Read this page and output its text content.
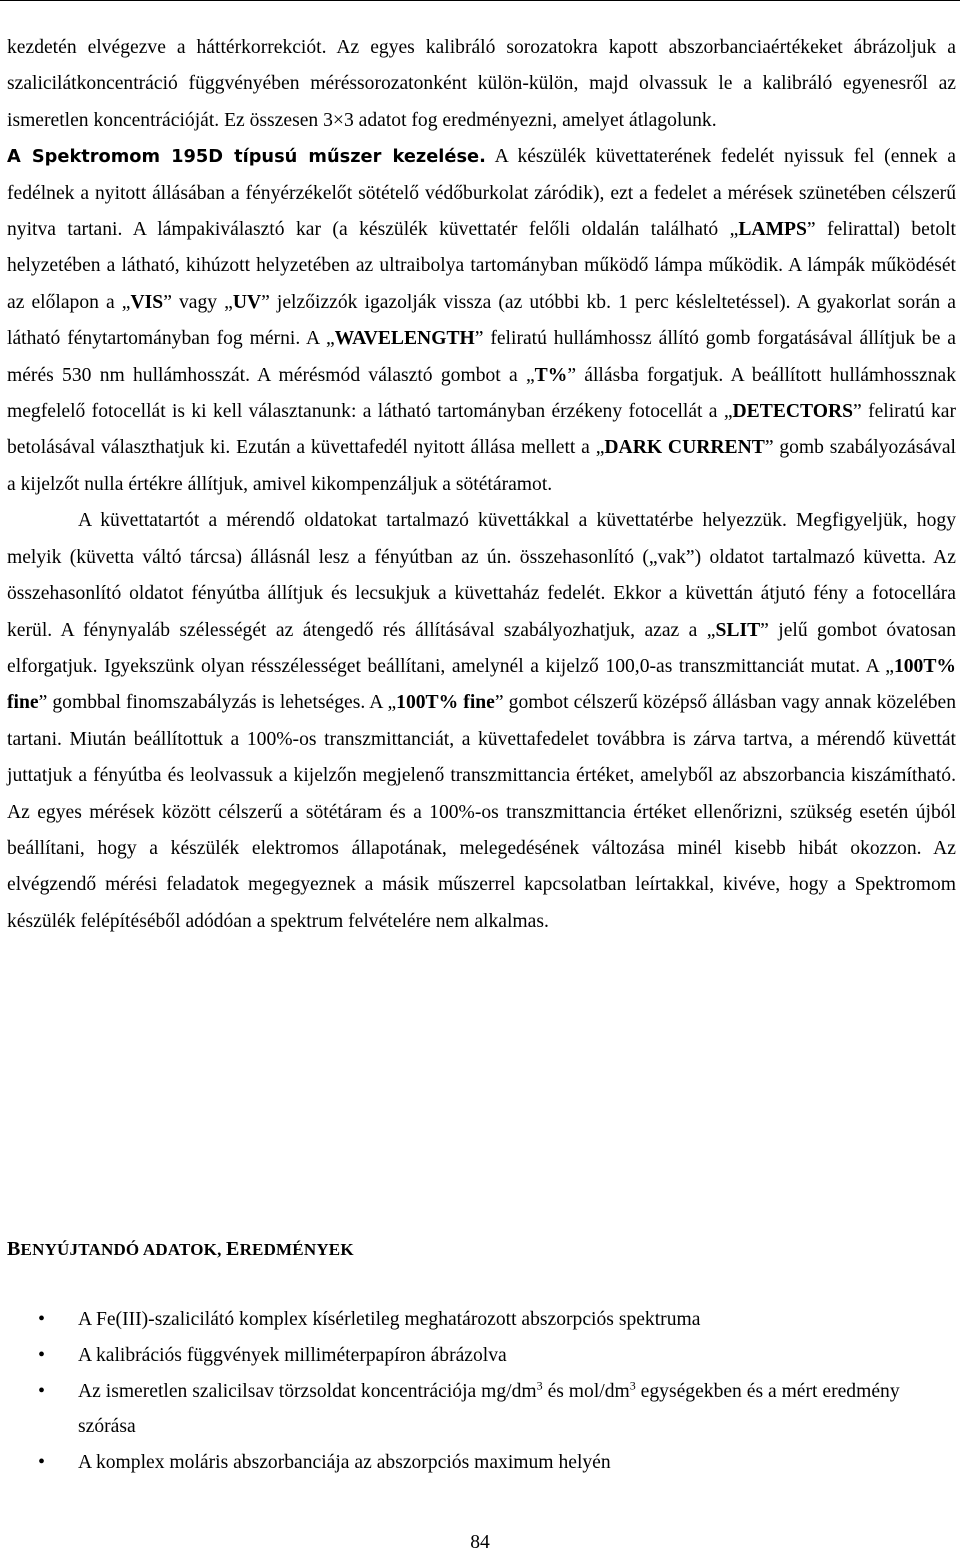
kezdetén elvégezve a háttérkorrekciót. Az egyes kalibráló sorozatokra kapott abszorbanciaértékeket ábrázoljuk a szalicilátkoncentráció függvényében méréssorozatonként külön-külön, majd olvassuk le a kalibráló egyenesről az ismeretlen koncentrációját. Ez összesen 3×3 adatot fog eredményezni, amelyet átlagolunk.

A Spektromom 195D típusú műszer kezelése. A készülék küvettaterének fedelét nyissuk fel (ennek a fedélnek a nyitott állásában a fényérzékelőt sötételő védőburkolat záródik), ezt a fedelet a mérések szünetében célszerű nyitva tartani. A lámpakiválasztó kar (a készülék küvettatér felőli oldalán található „LAMPS” felirattal) betolt helyzetében a látható, kihúzott helyzetében az ultraibolya tartományban működő lámpa működik. A lámpák működését az előlapon a „VIS” vagy „UV” jelzőizzók igazolják vissza (az utóbbi kb. 1 perc késleltetéssel). A gyakorlat során a látható fénytartományban fog mérni. A „WAVELENGTH” feliratú hullámhossz állító gomb forgatásával állítjuk be a mérés 530 nm hullámhosszát. A mérésmód választó gombot a „T%” állásba forgatjuk. A beállított hullámhossznak megfelelő fotocellát is ki kell választanunk: a látható tartományban érzékeny fotocellát a „DETECTORS” feliratú kar betolásával választhatjuk ki. Ezután a küvettafedél nyitott állása mellett a „DARK CURRENT” gomb szabályozásával a kijelzőt nulla értékre állítjuk, amivel kikompenzáljuk a sötétáramot.

A küvettatartót a mérendő oldatokat tartalmazó küvettákkal a küvettatérbe helyezzük. Megfigyeljük, hogy melyik (küvetta váltó tárcsa) állásnál lesz a fényútban az ún. összehasonlító („vak”) oldatot tartalmazó küvetta. Az összehasonlító oldatot fényútba állítjuk és lecsukjuk a küvettaház fedelét. Ekkor a küvettán átjutó fény a fotocellára kerül. A fénynyaláb szélességét az átengedő rés állításával szabályozhatjuk, azaz a „SLIT” jelű gombot óvatosan elforgatjuk. Igyekszünk olyan résszélességet beállítani, amelynél a kijelző 100,0-as transzmittanciát mutat. A „100T% fine” gombbal finomszabályzás is lehetséges. A „100T% fine” gombot célszerű középső állásban vagy annak közelében tartani. Miután beállítottuk a 100%-os transzmittanciát, a küvettafedelet továbbra is zárva tartva, a mérendő küvettát juttatjuk a fényútba és leolvassuk a kijelzőn megjelenő transzmittancia értéket, amelyből az abszorbancia kiszámítható. Az egyes mérések között célszerű a sötétáram és a 100%-os transzmittancia értéket ellenőrizni, szükség esetén újból beállítani, hogy a készülék elektromos állapotának, melegedésének változása minél kisebb hibát okozzon. Az elvégzendő mérési feladatok megegyeznek a másik műszerrel kapcsolatban leírtakkal, kivéve, hogy a Spektromom készülék felépítéséből adódóan a spektrum felvételére nem alkalmas.

BENYÚJTANDÓ ADATOK, EREDMÉNYEK
• A Fe(III)-szalicilátó komplex kísérletileg meghatározott abszorpciós spektruma
• A kalibrációs függvények milliméterpapíron ábrázolva
• Az ismeretlen szalicilsav törzsoldat koncentrációja $mg/dm^3$ és mol/$dm^3$ egységekben és a mért eredmény szórása
• A komplex moláris abszorbanciája az abszorpciós maximum helyén
84
